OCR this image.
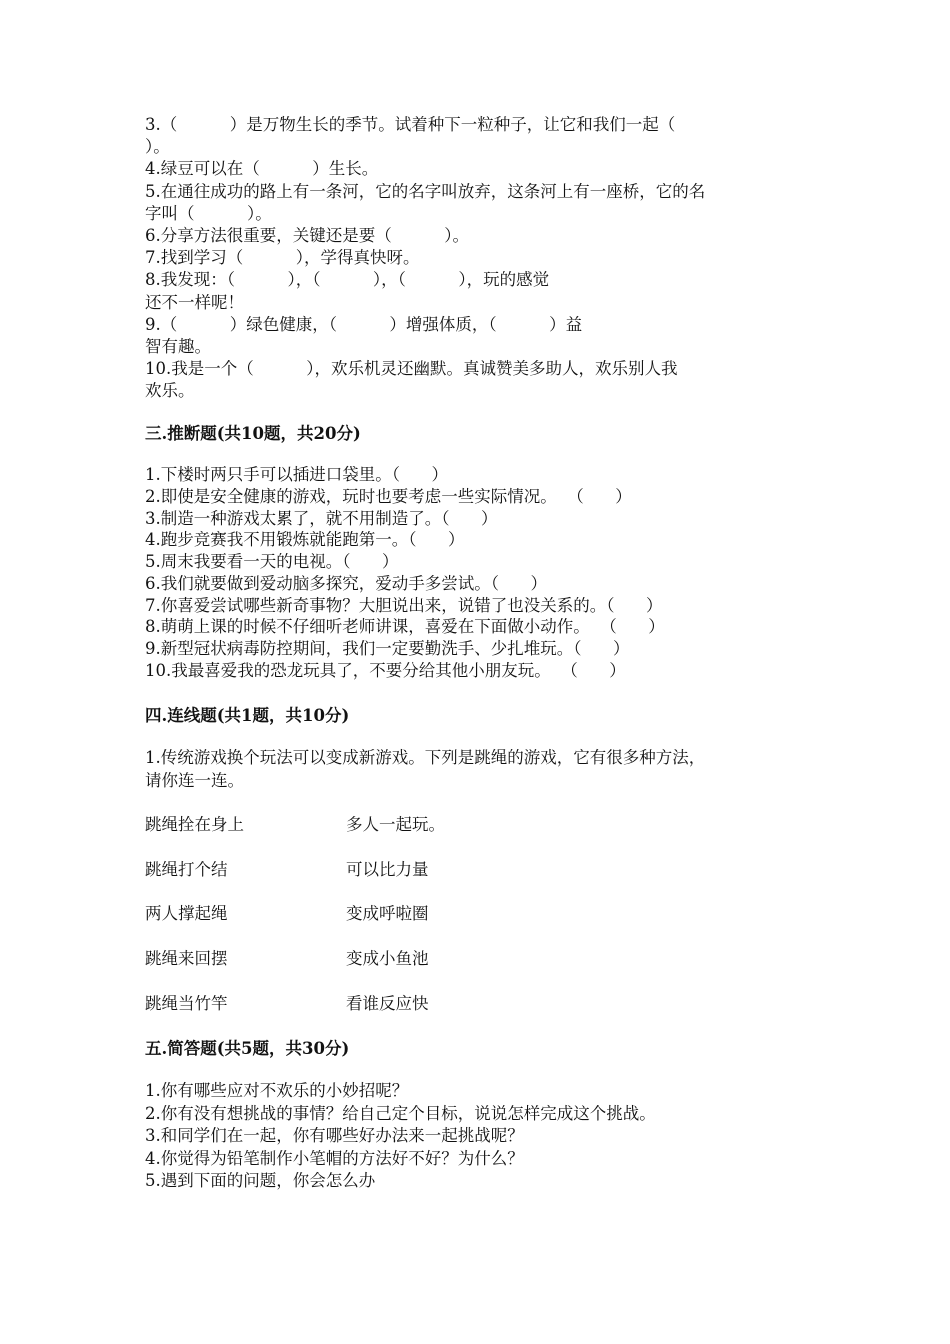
3.（          ）是万物生长的季节。试着种下一粒种子，让它和我们一起（

）。

4.绿豆可以在（          ）生长。

5.在通往成功的路上有一条河，它的名字叫放弃，这条河上有一座桥，它的名

字叫（          ）。

6.分享方法很重要，关键还是要（          ）。

7.找到学习（          ），学得真快呀。

8.我发现：（          ），（          ），（          ），玩的感觉

还不一样呢！

9.（          ）绿色健康，（          ）增强体质，（          ）益

智有趣。

10.我是一个（          ），欢乐机灵还幽默。真诚赞美多助人，欢乐别人我

欢乐。

三.推断题(共10题，共20分)

1.下楼时两只手可以插进口袋里。（      ）

2.即使是安全健康的游戏，玩时也要考虑一些实际情况。  （      ）

3.制造一种游戏太累了，就不用制造了。（      ）

4.跑步竞赛我不用锻炼就能跑第一。（      ）

5.周末我要看一天的电视。（      ）

6.我们就要做到爱动脑多探究，爱动手多尝试。（      ）

7.你喜爱尝试哪些新奇事物？大胆说出来，说错了也没关系的。（      ）

8.萌萌上课的时候不仔细听老师讲课，喜爱在下面做小动作。  （      ）

9.新型冠状病毒防控期间，我们一定要勤洗手、少扎堆玩。（      ）

10.我最喜爱我的恐龙玩具了，不要分给其他小朋友玩。  （      ）

四.连线题(共1题，共10分)

1.传统游戏换个玩法可以变成新游戏。下列是跳绳的游戏，它有很多种方法，

请你连一连。

跳绳拴在身上	多人一起玩。
跳绳打个结	可以比力量
两人撑起绳	变成呼啦圈
跳绳来回摆	变成小鱼池
跳绳当竹竿	看谁反应快

五.简答题(共5题，共30分)

1.你有哪些应对不欢乐的小妙招呢？

2.你有没有想挑战的事情？给自己定个目标，说说怎样完成这个挑战。

3.和同学们在一起，你有哪些好办法来一起挑战呢？

4.你觉得为铅笔制作小笔帽的方法好不好？为什么？

5.遇到下面的问题，你会怎么办
